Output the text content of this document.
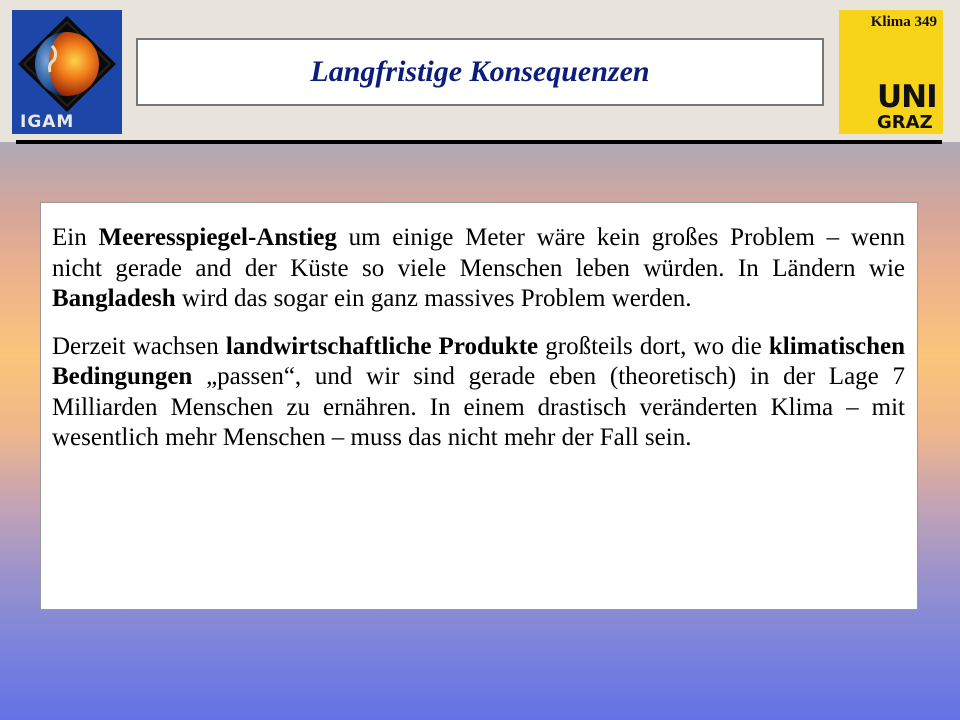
IGAM
Langfristige Konsequenzen
Klima 349
UNI
GRAZ

Ein Meeresspiegel-Anstieg um einige Meter wäre kein großes Problem – wenn nicht gerade and der Küste so viele Menschen leben würden. In Ländern wie Bangladesh wird das sogar ein ganz massives Problem werden.

Derzeit wachsen landwirtschaftliche Produkte großteils dort, wo die klimatischen Bedingungen „passen“, und wir sind gerade eben (theoretisch) in der Lage 7 Milliarden Menschen zu ernähren. In einem drastisch veränderten Klima – mit wesentlich mehr Menschen – muss das nicht mehr der Fall sein.
